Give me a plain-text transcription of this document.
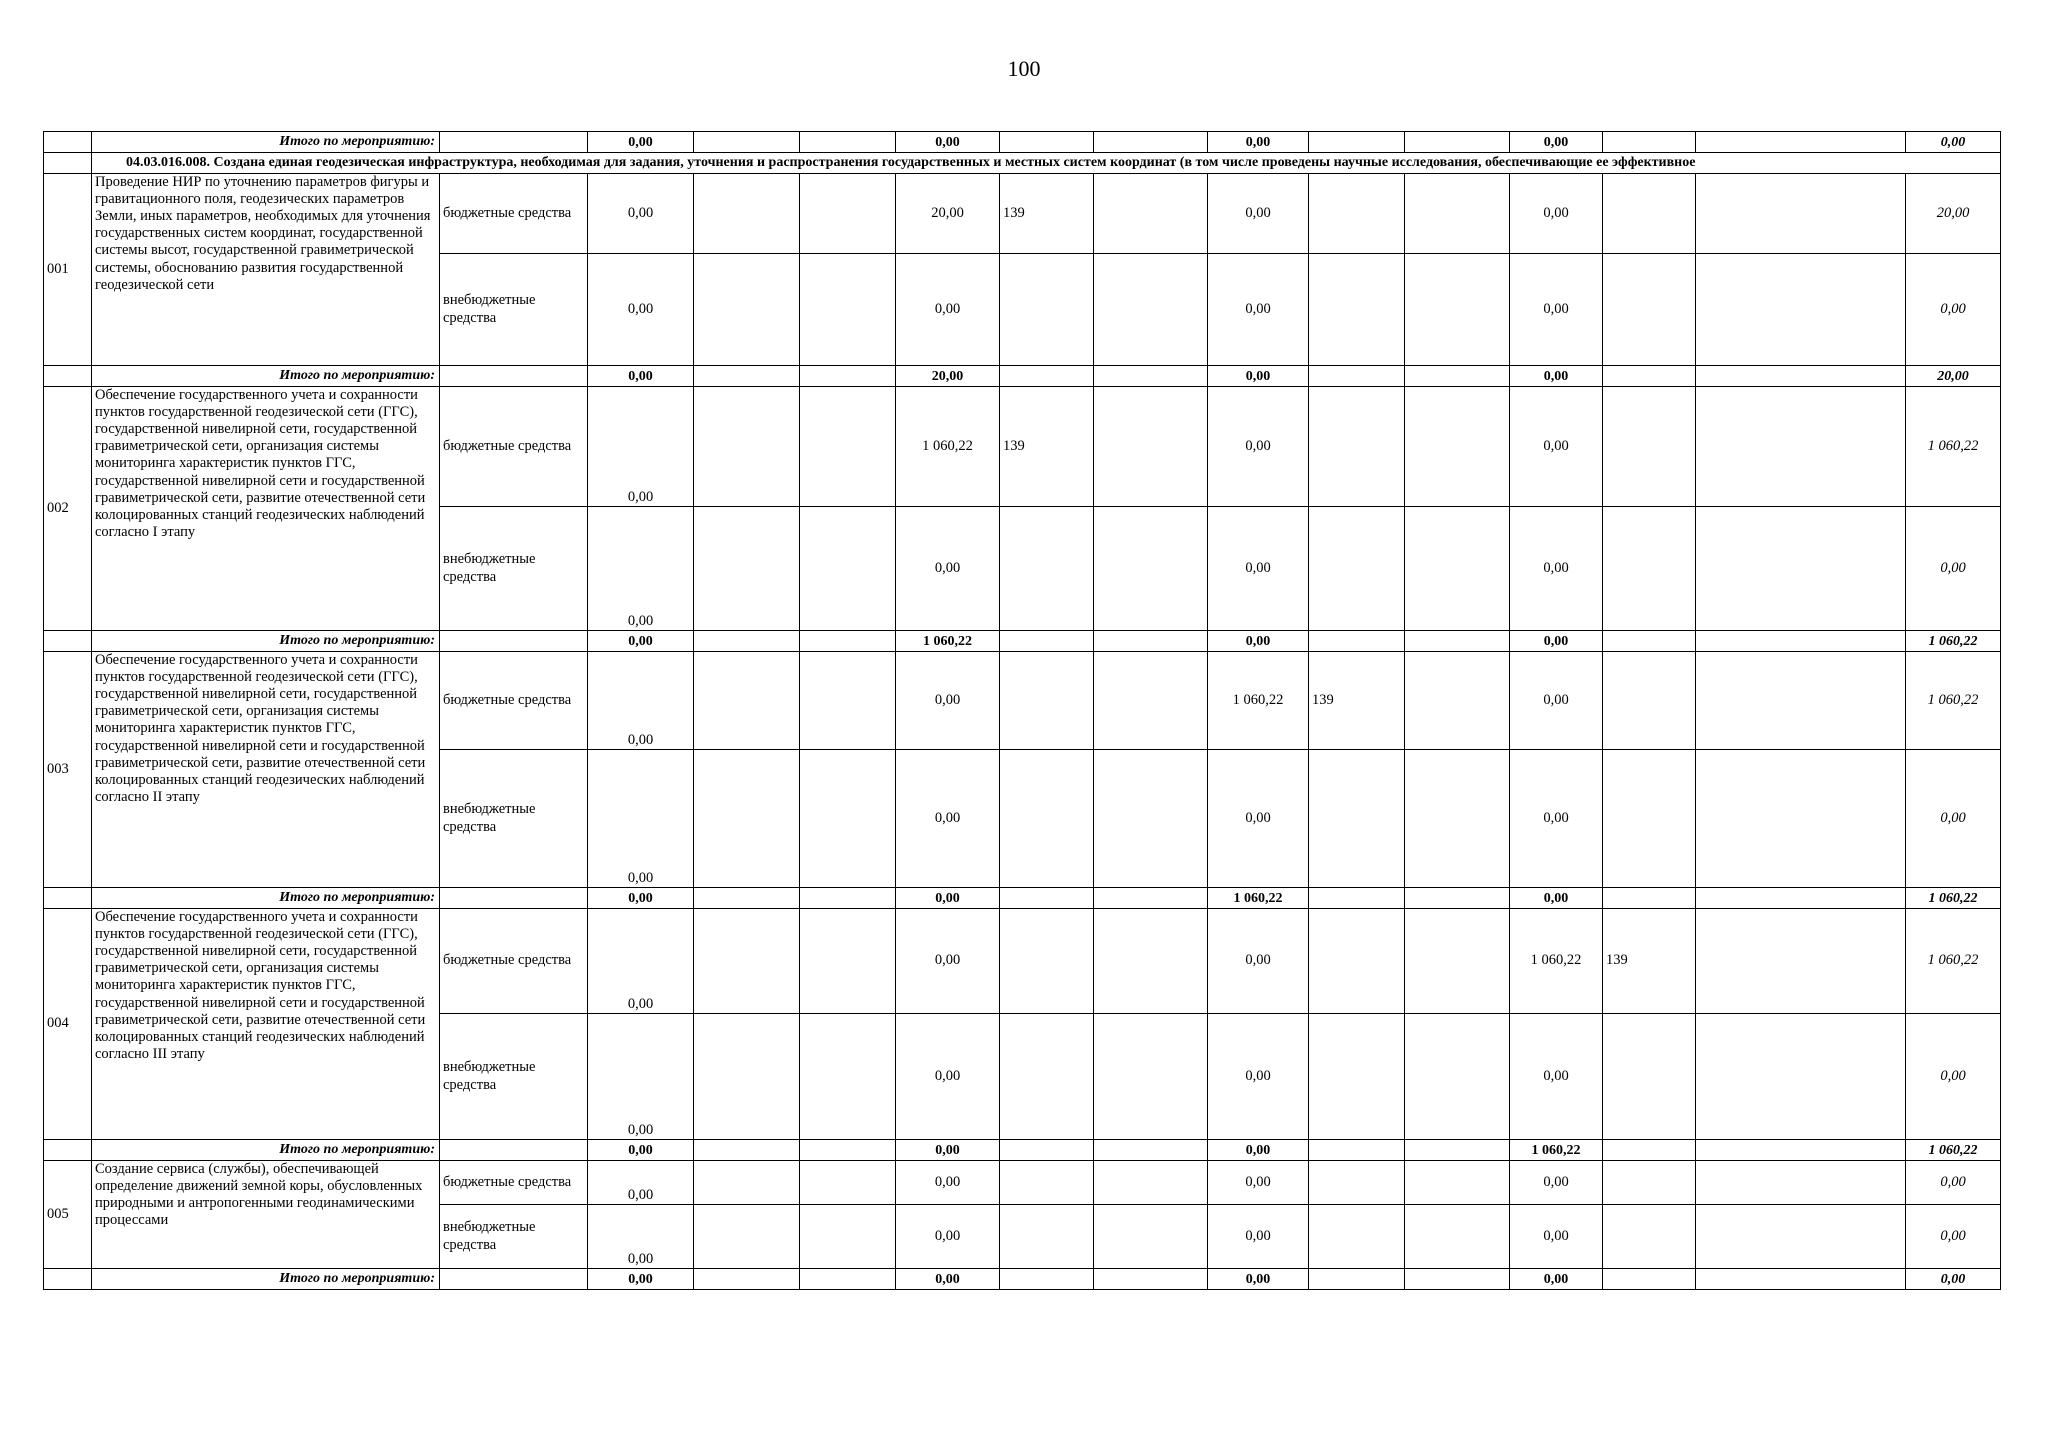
100
	Итого по мероприятию:		0,00			0,00			0,00			0,00			0,00
	04.03.016.008. Создана единая геодезическая инфраструктура, необходимая для задания, уточнения и распространения государственных и местных систем координат (в том числе проведены научные исследования, обеспечивающие ее эффективное														
001	Проведение НИР по уточнению параметров фигуры и гравитационного поля, геодезических параметров Земли, иных параметров, необходимых для уточнения государственных систем координат, государственной системы высот, государственной гравиметрической системы, обоснованию развития государственной геодезической сети	бюджетные средства	0,00			20,00	139		0,00			0,00			20,00
		внебюджетные средства	0,00			0,00			0,00			0,00			0,00
	Итого по мероприятию:		0,00			20,00			0,00			0,00			20,00
002	Обеспечение государственного учета и сохранности пунктов государственной геодезической сети (ГГС), государственной нивелирной сети, государственной гравиметрической сети, организация системы мониторинга характеристик пунктов ГГС, государственной нивелирной сети и государственной гравиметрической сети, развитие отечественной сети колоцированных станций геодезических наблюдений согласно I этапу	бюджетные средства	0,00			1 060,22	139		0,00			0,00			1 060,22
		внебюджетные средства	0,00			0,00			0,00			0,00			0,00
	Итого по мероприятию:		0,00			1 060,22			0,00			0,00			1 060,22
003	Обеспечение государственного учета и сохранности пунктов государственной геодезической сети (ГГС), государственной нивелирной сети, государственной гравиметрической сети, организация системы мониторинга характеристик пунктов ГГС, государственной нивелирной сети и государственной гравиметрической сети, развитие отечественной сети колоцированных станций геодезических наблюдений согласно II этапу	бюджетные средства	0,00			0,00			1 060,22	139		0,00			1 060,22
		внебюджетные средства	0,00			0,00			0,00			0,00			0,00
	Итого по мероприятию:		0,00			0,00			1 060,22			0,00			1 060,22
004	Обеспечение государственного учета и сохранности пунктов государственной геодезической сети (ГГС), государственной нивелирной сети, государственной гравиметрической сети, организация системы мониторинга характеристик пунктов ГГС, государственной нивелирной сети и государственной гравиметрической сети, развитие отечественной сети колоцированных станций геодезических наблюдений согласно III этапу	бюджетные средства	0,00			0,00			0,00			1 060,22	139		1 060,22
		внебюджетные средства	0,00			0,00			0,00			0,00			0,00
	Итого по мероприятию:		0,00			0,00			0,00			1 060,22			1 060,22
005	Создание сервиса (службы), обеспечивающей определение движений земной коры, обусловленных природными и антропогенными геодинамическими процессами	бюджетные средства	0,00			0,00			0,00			0,00			0,00
		внебюджетные средства	0,00			0,00			0,00			0,00			0,00
	Итого по мероприятию:		0,00			0,00			0,00			0,00			0,00
